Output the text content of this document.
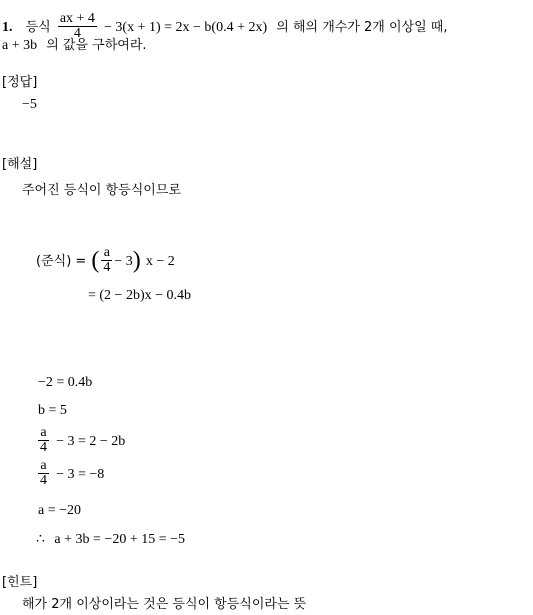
1. 등식 $\frac{ax + 4}{4} - 3(x + 1) = 2x - b(0.4 + 2x)$ 의 해의 개수가 2개 이상일 때,
a + 3b 의 값을 구하여라.
[정답]
−5
[해설]
주어진 등식이 항등식이므로
(준식) = ( $\frac{a}{4} - 3$) x − 2
= (2 − 2b)x − 0.4b
−2 = 0.4b
b = 5
$\frac{a}{4} - 3 = 2 - 2b$
$\frac{a}{4} - 3 = -8$
a = −20
∴ a + 3b = −20 + 15 = −5
[힌트]
해가 2개 이상이라는 것은 등식이 항등식이라는 뜻
